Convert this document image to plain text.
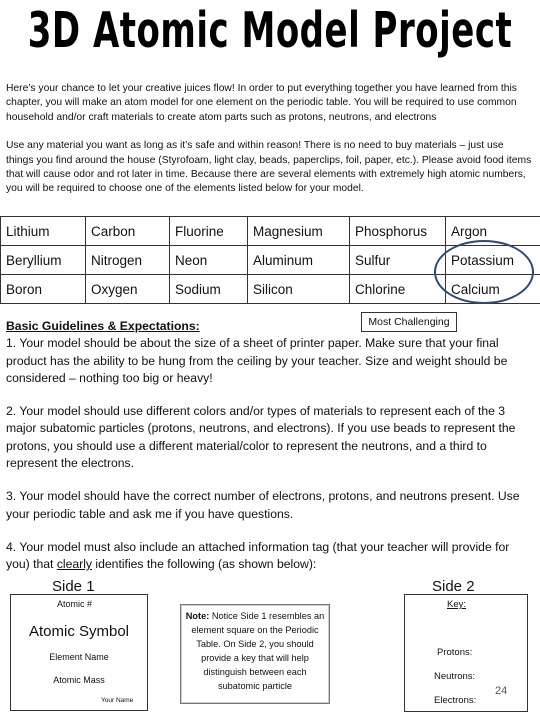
3D Atomic Model Project

Here’s your chance to let your creative juices flow! In order to put everything together you have learned from this chapter, you will make an atom model for one element on the periodic table. You will be required to use common household and/or craft materials to create atom parts such as protons, neutrons, and electrons

Use any material you want as long as it’s safe and within reason! There is no need to buy materials – just use things you find around the house (Styrofoam, light clay, beads, paperclips, foil, paper, etc.). Please avoid food items that will cause odor and rot later in time. Because there are several elements with extremely high atomic numbers, you will be required to choose one of the elements listed below for your model.

Lithium	Carbon	Fluorine	Magnesium	Phosphorus	Argon
Beryllium	Nitrogen	Neon	Aluminum	Sulfur	Potassium
Boron	Oxygen	Sodium	Silicon	Chlorine	Calcium
Most Challenging

Basic Guidelines & Expectations:
1. Your model should be about the size of a sheet of printer paper. Make sure that your final product has the ability to be hung from the ceiling by your teacher. Size and weight should be considered – nothing too big or heavy!

2. Your model should use different colors and/or types of materials to represent each of the 3 major subatomic particles (protons, neutrons, and electrons). If you use beads to represent the protons, you should use a different material/color to represent the neutrons, and a third to represent the electrons.

3. Your model should have the correct number of electrons, protons, and neutrons present. Use your periodic table and ask me if you have questions.

4. Your model must also include an attached information tag (that your teacher will provide for you) that clearly identifies the following (as shown below):

Side 1	Side 2
Atomic #
Atomic Symbol
Element Name
Atomic Mass
Your Name
Note: Notice Side 1 resembles an element square on the Periodic Table. On Side 2, you should provide a key that will help distinguish between each subatomic particle
Key:
Protons:
Neutrons:
Electrons:
24
